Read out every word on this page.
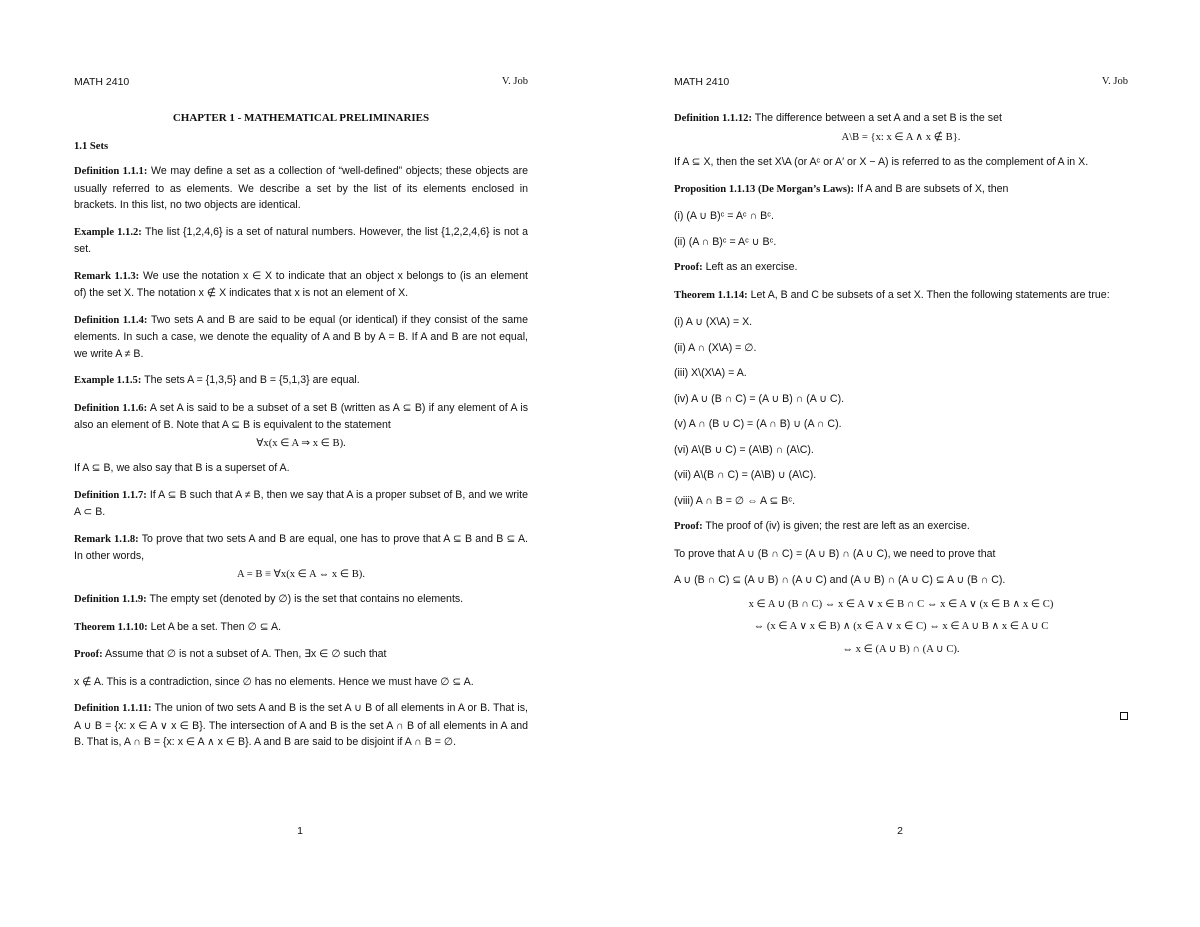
MATH 2410	V. Job
CHAPTER 1 - MATHEMATICAL PRELIMINARIES
1.1 Sets

Definition 1.1.1: We may define a set as a collection of “well-defined” objects; these objects are usually referred to as elements. We describe a set by the list of its elements enclosed in brackets. In this list, no two objects are identical.

Example 1.1.2: The list {1,2,4,6} is a set of natural numbers. However, the list {1,2,2,4,6} is not a set.

Remark 1.1.3: We use the notation x ∈ X to indicate that an object x belongs to (is an element of) the set X. The notation x ∉ X indicates that x is not an element of X.

Definition 1.1.4: Two sets A and B are said to be equal (or identical) if they consist of the same elements. In such a case, we denote the equality of A and B by A = B. If A and B are not equal, we write A ≠ B.

Example 1.1.5: The sets A = {1,3,5} and B = {5,1,3} are equal.

Definition 1.1.6: A set A is said to be a subset of a set B (written as A ⊆ B) if any element of A is also an element of B. Note that A ⊆ B is equivalent to the statement

∀x(x ∈ A ⇒ x ∈ B).

If A ⊆ B, we also say that B is a superset of A.

Definition 1.1.7: If A ⊆ B such that A ≠ B, then we say that A is a proper subset of B, and we write A ⊂ B.

Remark 1.1.8: To prove that two sets A and B are equal, one has to prove that A ⊆ B and B ⊆ A. In other words,

A = B ≡ ∀x(x ∈ A ⇔ x ∈ B).

Definition 1.1.9: The empty set (denoted by ∅) is the set that contains no elements.

Theorem 1.1.10: Let A be a set. Then ∅ ⊆ A.

Proof: Assume that ∅ is not a subset of A. Then, ∃x ∈ ∅ such that

x ∉ A. This is a contradiction, since ∅ has no elements. Hence we must have ∅ ⊆ A.

Definition 1.1.11: The union of two sets A and B is the set A ∪ B of all elements in A or B. That is, A ∪ B = {x: x ∈ A ∨ x ∈ B}. The intersection of A and B is the set A ∩ B of all elements in A and B. That is, A ∩ B = {x: x ∈ A ∧ x ∈ B}. A and B are said to be disjoint if A ∩ B = ∅.

1
MATH 2410	V. Job

Definition 1.1.12: The difference between a set A and a set B is the set

A\B = {x: x ∈ A ∧ x ∉ B}.

If A ⊆ X, then the set X\A (or Aᶜ or A′ or X − A) is referred to as the complement of A in X.

Proposition 1.1.13 (De Morgan’s Laws): If A and B are subsets of X, then

(i) (A ∪ B)ᶜ = Aᶜ ∩ Bᶜ.
(ii) (A ∩ B)ᶜ = Aᶜ ∪ Bᶜ.

Proof: Left as an exercise.

Theorem 1.1.14: Let A, B and C be subsets of a set X. Then the following statements are true:

(i) A ∪ (X\A) = X.
(ii) A ∩ (X\A) = ∅.
(iii) X\(X\A) = A.
(iv) A ∪ (B ∩ C) = (A ∪ B) ∩ (A ∪ C).
(v) A ∩ (B ∪ C) = (A ∩ B) ∪ (A ∩ C).
(vi) A\(B ∪ C) = (A\B) ∩ (A\C).
(vii) A\(B ∩ C) = (A\B) ∪ (A\C).
(viii) A ∩ B = ∅ ⇔ A ⊆ Bᶜ.

Proof: The proof of (iv) is given; the rest are left as an exercise.

To prove that A ∪ (B ∩ C) = (A ∪ B) ∩ (A ∪ C), we need to prove that

A ∪ (B ∩ C) ⊆ (A ∪ B) ∩ (A ∪ C) and (A ∪ B) ∩ (A ∪ C) ⊆ A ∪ (B ∩ C).

x ∈ A ∪ (B ∩ C) ⇔ x ∈ A ∨ x ∈ B ∩ C ⇔ x ∈ A ∨ (x ∈ B ∧ x ∈ C)
⇔ (x ∈ A ∨ x ∈ B) ∧ (x ∈ A ∨ x ∈ C) ⇔ x ∈ A ∪ B ∧ x ∈ A ∪ C
⇔ x ∈ (A ∪ B) ∩ (A ∪ C).
2
